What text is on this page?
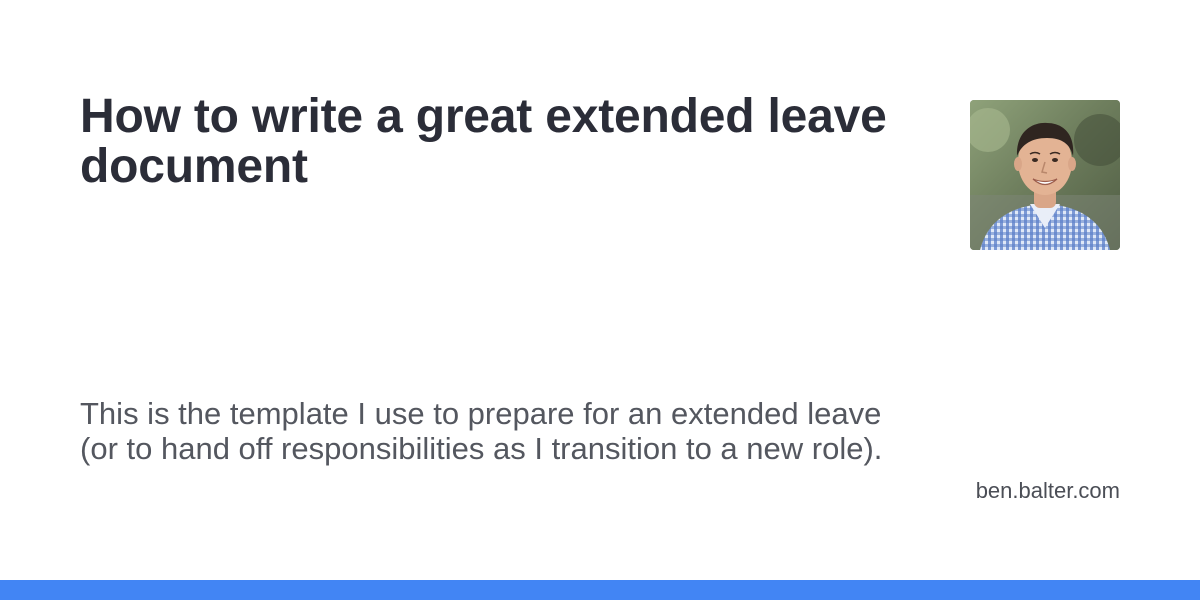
How to write a great extended leave document

This is the template I use to prepare for an extended leave (or to hand off responsibilities as I transition to a new role).

ben.balter.com
